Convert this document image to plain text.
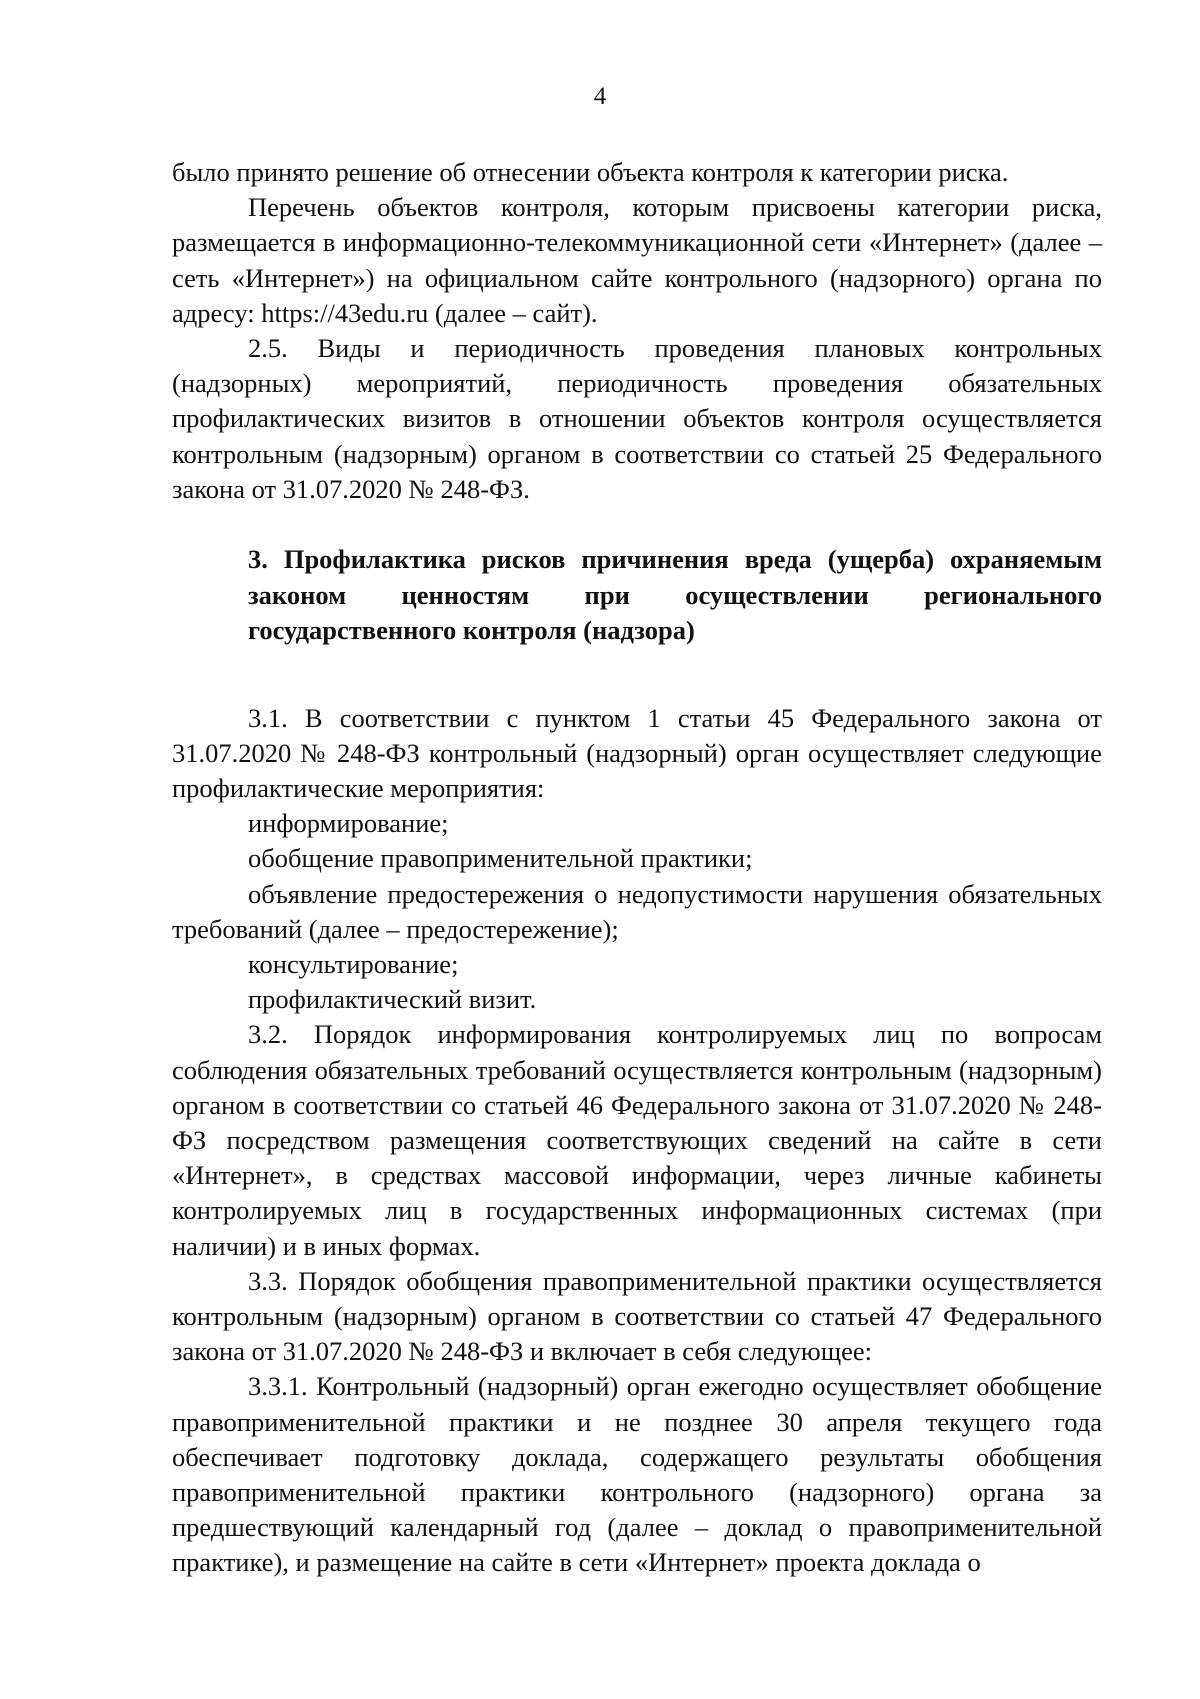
4

было принято решение об отнесении объекта контроля к категории риска.

Перечень объектов контроля, которым присвоены категории риска, размещается в информационно-телекоммуникационной сети «Интернет» (далее – сеть «Интернет») на официальном сайте контрольного (надзорного) органа по адресу: https://43edu.ru (далее – сайт).

2.5. Виды и периодичность проведения плановых контрольных (надзорных) мероприятий, периодичность проведения обязательных профилактических визитов в отношении объектов контроля осуществляется контрольным (надзорным) органом в соответствии со статьей 25 Федерального закона от 31.07.2020 № 248-ФЗ.

3. Профилактика рисков причинения вреда (ущерба) охраняемым законом ценностям при осуществлении регионального государственного контроля (надзора)

3.1. В соответствии с пунктом 1 статьи 45 Федерального закона от 31.07.2020 № 248-ФЗ контрольный (надзорный) орган осуществляет следующие профилактические мероприятия:

информирование;

обобщение правоприменительной практики;

объявление предостережения о недопустимости нарушения обязательных требований (далее – предостережение);

консультирование;

профилактический визит.

3.2. Порядок информирования контролируемых лиц по вопросам соблюдения обязательных требований осуществляется контрольным (надзорным) органом в соответствии со статьей 46 Федерального закона от 31.07.2020 № 248-ФЗ посредством размещения соответствующих сведений на сайте в сети «Интернет», в средствах массовой информации, через личные кабинеты контролируемых лиц в государственных информационных системах (при наличии) и в иных формах.

3.3. Порядок обобщения правоприменительной практики осуществляется контрольным (надзорным) органом в соответствии со статьей 47 Федерального закона от 31.07.2020 № 248-ФЗ и включает в себя следующее:

3.3.1. Контрольный (надзорный) орган ежегодно осуществляет обобщение правоприменительной практики и не позднее 30 апреля текущего года обеспечивает подготовку доклада, содержащего результаты обобщения правоприменительной практики контрольного (надзорного) органа за предшествующий календарный год (далее – доклад о правоприменительной практике), и размещение на сайте в сети «Интернет» проекта доклада о
